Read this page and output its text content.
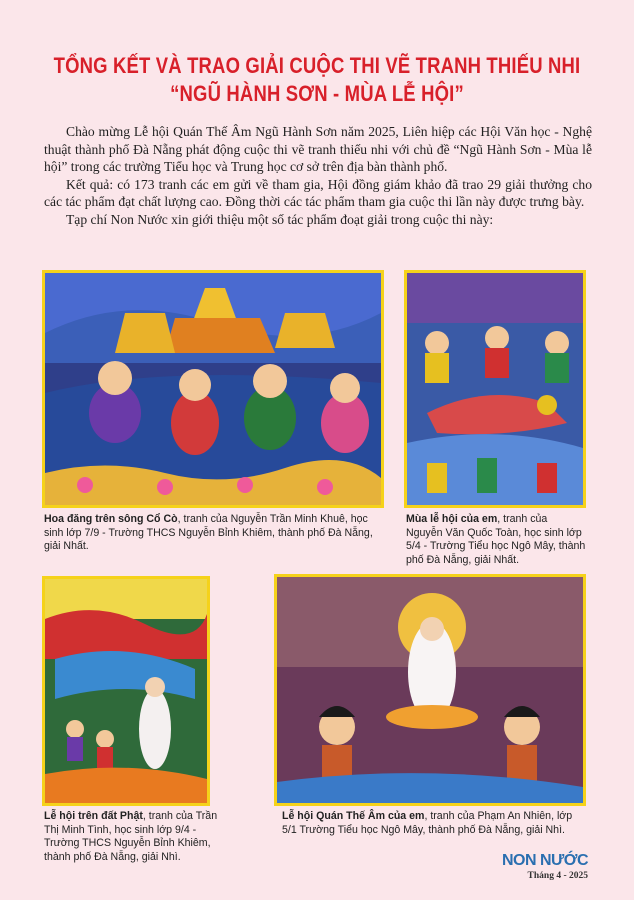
TỔNG KẾT VÀ TRAO GIẢI CUỘC THI VẼ TRANH THIẾU NHI
“NGŨ HÀNH SƠN - MÙA LỄ HỘI”

Chào mừng Lễ hội Quán Thế Âm Ngũ Hành Sơn năm 2025, Liên hiệp các Hội Văn học - Nghệ thuật thành phố Đà Nẵng phát động cuộc thi vẽ tranh thiếu nhi với chủ đề “Ngũ Hành Sơn - Mùa lễ hội” trong các trường Tiểu học và Trung học cơ sở trên địa bàn thành phố.

Kết quả: có 173 tranh các em gửi về tham gia, Hội đồng giám khảo đã trao 29 giải thưởng cho các tác phẩm đạt chất lượng cao. Đồng thời các tác phẩm tham gia cuộc thi lần này được trưng bày.

Tạp chí Non Nước xin giới thiệu một số tác phẩm đoạt giải trong cuộc thi này:

Hoa đăng trên sông Cổ Cò, tranh của Nguyễn Trần Minh Khuê, học sinh lớp 7/9 - Trường THCS Nguyễn Bỉnh Khiêm, thành phố Đà Nẵng, giải Nhất.
Mùa lễ hội của em, tranh của Nguyễn Văn Quốc Toàn, học sinh lớp 5/4 - Trường Tiểu học Ngô Mây, thành phố Đà Nẵng, giải Nhất.
Lễ hội trên đất Phật, tranh của Trần Thị Minh Tình, học sinh lớp 9/4 - Trường THCS Nguyễn Bỉnh Khiêm, thành phố Đà Nẵng, giải Nhì.
Lễ hội Quán Thế Âm của em, tranh của Phạm An Nhiên, lớp 5/1 Trường Tiểu học Ngô Mây, thành phố Đà Nẵng, giải Nhì.
NON NƯỚC
Tháng 4 - 2025
